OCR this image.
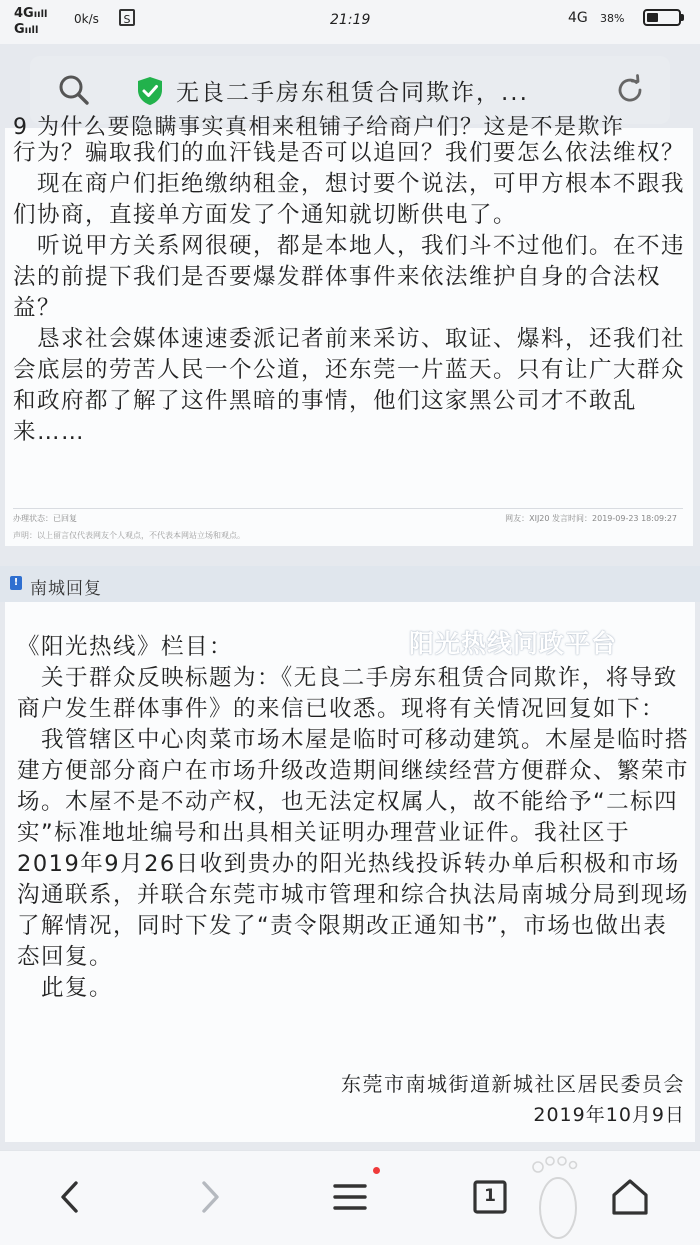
4Gııll
Gııll
0k/s	S	21:19	4G 38%
无良二手房东租赁合同欺诈，...
9 为什么要隐瞒事实真相来租铺子给商户们？这是不是欺诈

行为？骗取我们的血汗钱是否可以追回？我们要怎么依法维权？

　现在商户们拒绝缴纳租金，想讨要个说法，可甲方根本不跟我们协商，直接单方面发了个通知就切断供电了。

　听说甲方关系网很硬，都是本地人，我们斗不过他们。在不违法的前提下我们是否要爆发群体事件来依法维护自身的合法权益？

　恳求社会媒体速速委派记者前来采访、取证、爆料，还我们社会底层的劳苦人民一个公道，还东莞一片蓝天。只有让广大群众和政府都了解了这件黑暗的事情，他们这家黑公司才不敢乱来……

办理状态：已回复	网友：XIJ20 发言时间：2019-09-23 18:09:27
声明：以上留言仅代表网友个人观点，不代表本网站立场和观点。
! 南城回复
阳光热线问政平台

《阳光热线》栏目：

　关于群众反映标题为：《无良二手房东租赁合同欺诈，将导致商户发生群体事件》的来信已收悉。现将有关情况回复如下：

　我管辖区中心肉菜市场木屋是临时可移动建筑。木屋是临时搭建方便部分商户在市场升级改造期间继续经营方便群众、繁荣市场。木屋不是不动产权，也无法定权属人，故不能给予“二标四实”标准地址编号和出具相关证明办理营业证件。我社区于2019年9月26日收到贵办的阳光热线投诉转办单后积极和市场沟通联系，并联合东莞市城市管理和综合执法局南城分局到现场了解情况，同时下发了“责令限期改正通知书”，市场也做出表态回复。

　此复。

东莞市南城街道新城社区居民委员会
2019年10月9日
1
